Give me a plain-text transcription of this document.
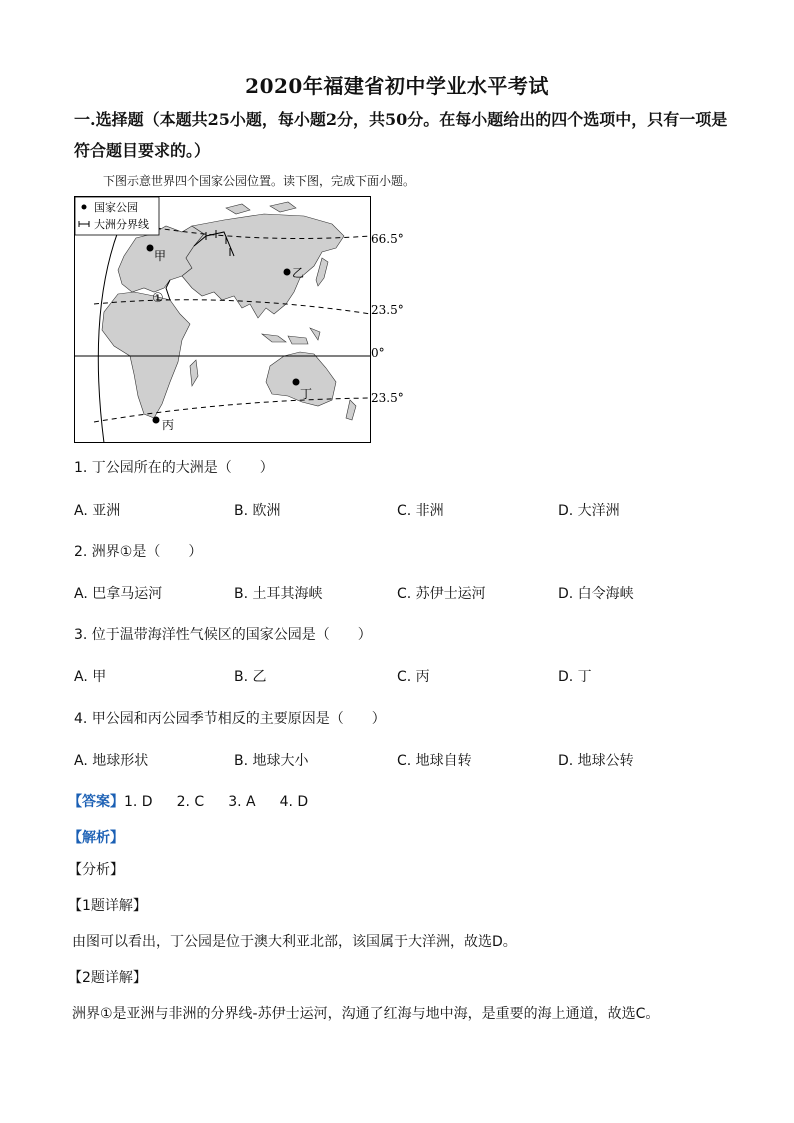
2020年福建省初中学业水平考试
一.选择题（本题共25小题，每小题2分，共50分。在每小题给出的四个选项中，只有一项是符合题目要求的。）
下图示意世界四个国家公园位置。读下图，完成下面小题。
国家公园
大洲分界线
甲
乙
丙
丁
①
66.5°
23.5°
0°
23.5°
1. 丁公园所在的大洲是（　　）
A. 亚洲	B. 欧洲	C. 非洲	D. 大洋洲
2. 洲界①是（　　）
A. 巴拿马运河	B. 土耳其海峡	C. 苏伊士运河	D. 白令海峡
3. 位于温带海洋性气候区的国家公园是（　　）
A. 甲	B. 乙	C. 丙	D. 丁
4. 甲公园和丙公园季节相反的主要原因是（　　）
A. 地球形状	B. 地球大小	C. 地球自转	D. 地球公转
【答案】1. D 2. C 3. A 4. D
【解析】
【分析】
【1题详解】
由图可以看出，丁公园是位于澳大利亚北部，该国属于大洋洲，故选D。
【2题详解】
洲界①是亚洲与非洲的分界线-苏伊士运河，沟通了红海与地中海，是重要的海上通道，故选C。
